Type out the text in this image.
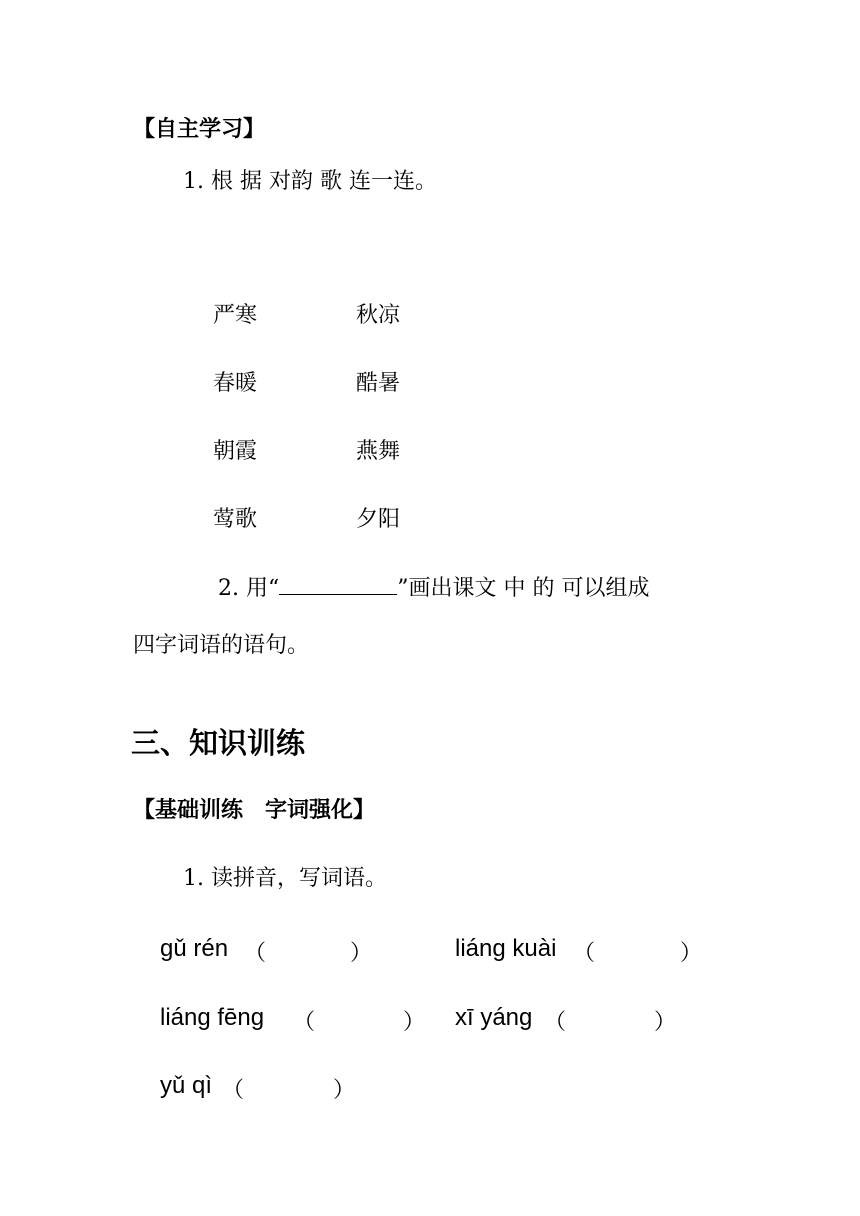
【自主学习】
1. 根 据 对韵 歌 连一连。
严寒	秋凉
春暖	酷暑
朝霞	燕舞
莺歌	夕阳
2. 用“	”画出课文 中 的 可以组成
四字词语的语句。
三、知识训练
【基础训练　字词强化】
1. 读拼音，写词语。
gǔ rén （	）	liáng kuài （	）
liáng fēng （	） xī yáng （	）
yǔ qì （	）
